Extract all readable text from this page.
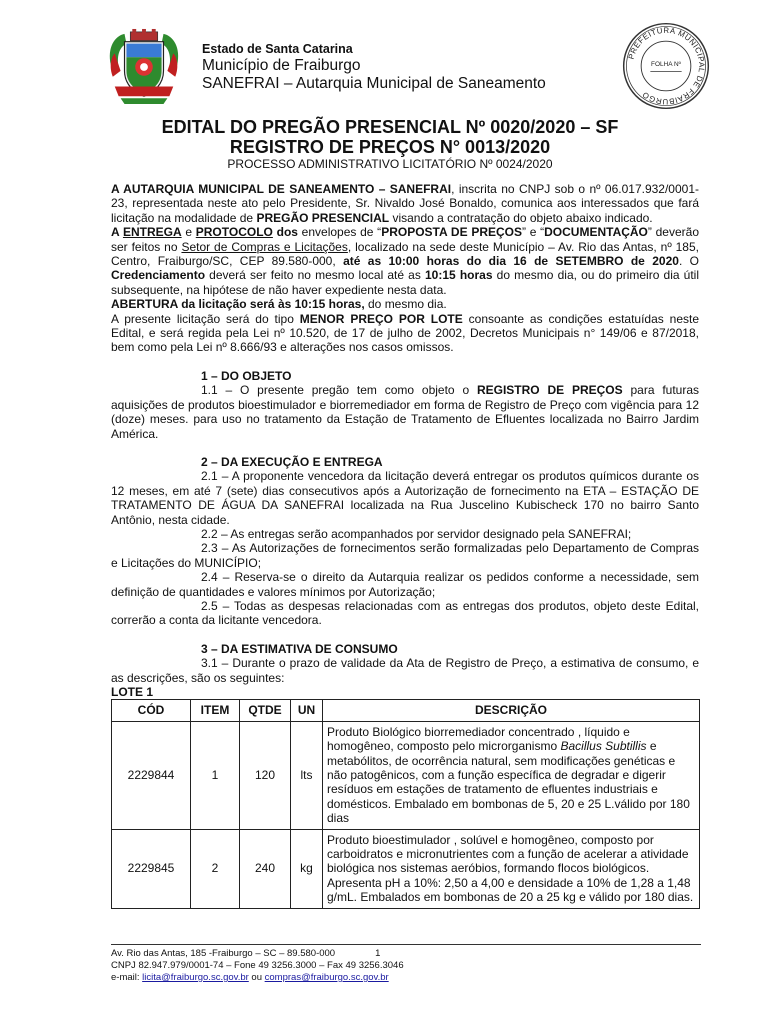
Estado de Santa Catarina
Município de Fraiburgo
SANEFRAI – Autarquia Municipal de Saneamento
PREFEITURA MUNICIPAL DE FRAIBURGO
FOLHA Nº
EDITAL DO PREGÃO PRESENCIAL Nº 0020/2020 – SF
REGISTRO DE PREÇOS N° 0013/2020
PROCESSO ADMINISTRATIVO LICITATÓRIO Nº 0024/2020

A AUTARQUIA MUNICIPAL DE SANEAMENTO – SANEFRAI, inscrita no CNPJ sob o nº 06.017.932/0001-23, representada neste ato pelo Presidente, Sr. Nivaldo José Bonaldo, comunica aos interessados que fará licitação na modalidade de PREGÃO PRESENCIAL visando a contratação do objeto abaixo indicado.

A ENTREGA e PROTOCOLO dos envelopes de “PROPOSTA DE PREÇOS” e “DOCUMENTAÇÃO” deverão ser feitos no Setor de Compras e Licitações, localizado na sede deste Município – Av. Rio das Antas, nº 185, Centro, Fraiburgo/SC, CEP 89.580-000, até as 10:00 horas do dia 16 de SETEMBRO de 2020. O Credenciamento deverá ser feito no mesmo local até as 10:15 horas do mesmo dia, ou do primeiro dia útil subsequente, na hipótese de não haver expediente nesta data.

ABERTURA da licitação será às 10:15 horas, do mesmo dia.

A presente licitação será do tipo MENOR PREÇO POR LOTE consoante as condições estatuídas neste Edital, e será regida pela Lei nº 10.520, de 17 de julho de 2002, Decretos Municipais n° 149/06 e 87/2018, bem como pela Lei nº 8.666/93 e alterações nos casos omissos.

1 – DO OBJETO

1.1 – O presente pregão tem como objeto o REGISTRO DE PREÇOS para futuras aquisições de produtos bioestimulador e biorremediador em forma de Registro de Preço com vigência para 12 (doze) meses. para uso no tratamento da Estação de Tratamento de Efluentes localizada no Bairro Jardim América.

2 – DA EXECUÇÃO E ENTREGA

2.1 – A proponente vencedora da licitação deverá entregar os produtos químicos durante os 12 meses, em até 7 (sete) dias consecutivos após a Autorização de fornecimento na ETA – ESTAÇÃO DE TRATAMENTO DE ÁGUA DA SANEFRAI localizada na Rua Juscelino Kubischeck 170 no bairro Santo Antônio, nesta cidade.

2.2 – As entregas serão acompanhados por servidor designado pela SANEFRAI;

2.3 – As Autorizações de fornecimentos serão formalizadas pelo Departamento de Compras e Licitações do MUNICÍPIO;

2.4 – Reserva-se o direito da Autarquia realizar os pedidos conforme a necessidade, sem definição de quantidades e valores mínimos por Autorização;

2.5 – Todas as despesas relacionadas com as entregas dos produtos, objeto deste Edital, correrão a conta da licitante vencedora.

3 – DA ESTIMATIVA DE CONSUMO

3.1 – Durante o prazo de validade da Ata de Registro de Preço, a estimativa de consumo, e as descrições, são os seguintes:

LOTE 1

CÓD	ITEM	QTDE	UN	DESCRIÇÃO
2229844	1	120	lts	Produto Biológico biorremediador concentrado , líquido e homogêneo, composto pelo microrganismo Bacillus Subtillis e metabólitos, de ocorrência natural, sem modificações genéticas e não patogênicos, com a função específica de degradar e digerir resíduos em estações de tratamento de efluentes industriais e domésticos. Embalado em bombonas de 5, 20 e 25 L.válido por 180 dias
2229845	2	240	kg	Produto bioestimulador , solúvel e homogêneo, composto por carboidratos e micronutrientes com a função de acelerar a atividade biológica nos sistemas aeróbios, formando flocos biológicos. Apresenta pH a 10%: 2,50 a 4,00 e densidade a 10% de 1,28 a 1,48 g/mL. Embalados em bombonas de 20 a 25 kg e válido por 180 dias.
Av. Rio das Antas, 185 -Fraiburgo – SC – 89.580-000	1
CNPJ 82.947.979/0001-74 – Fone 49 3256.3000 – Fax 49 3256.3046
e-mail: licita@fraiburgo.sc.gov.br ou compras@fraiburgo.sc.gov.br
